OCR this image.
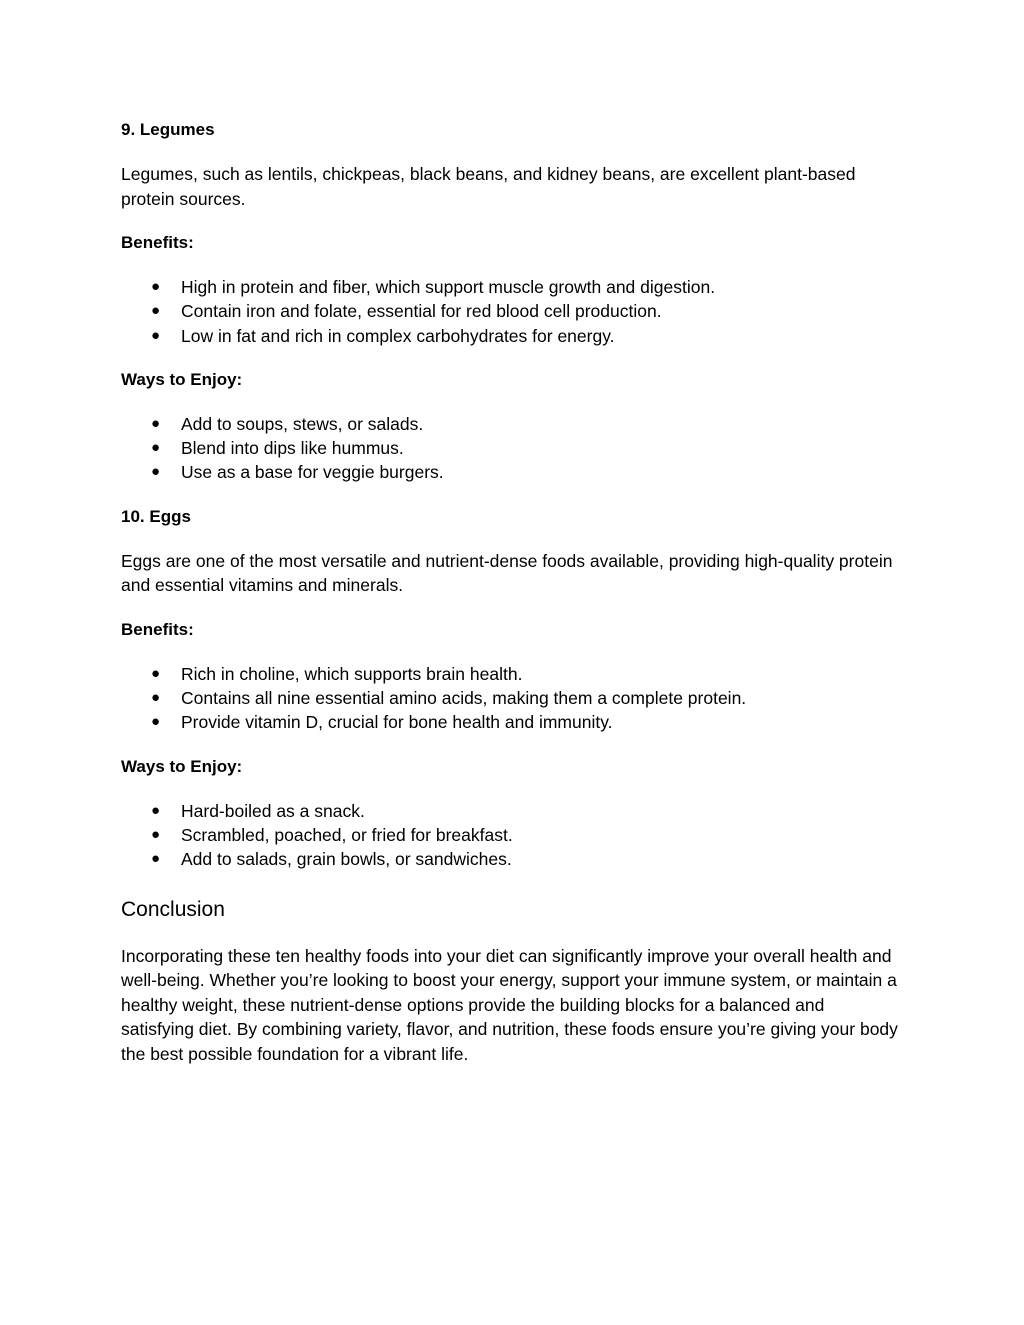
9. Legumes

Legumes, such as lentils, chickpeas, black beans, and kidney beans, are excellent plant-based protein sources.

Benefits:

● High in protein and fiber, which support muscle growth and digestion.
● Contain iron and folate, essential for red blood cell production.
● Low in fat and rich in complex carbohydrates for energy.

Ways to Enjoy:

● Add to soups, stews, or salads.
● Blend into dips like hummus.
● Use as a base for veggie burgers.

10. Eggs

Eggs are one of the most versatile and nutrient-dense foods available, providing high-quality protein and essential vitamins and minerals.

Benefits:

● Rich in choline, which supports brain health.
● Contains all nine essential amino acids, making them a complete protein.
● Provide vitamin D, crucial for bone health and immunity.

Ways to Enjoy:

● Hard-boiled as a snack.
● Scrambled, poached, or fried for breakfast.
● Add to salads, grain bowls, or sandwiches.

Conclusion

Incorporating these ten healthy foods into your diet can significantly improve your overall health and well-being. Whether you’re looking to boost your energy, support your immune system, or maintain a healthy weight, these nutrient-dense options provide the building blocks for a balanced and satisfying diet. By combining variety, flavor, and nutrition, these foods ensure you’re giving your body the best possible foundation for a vibrant life.
